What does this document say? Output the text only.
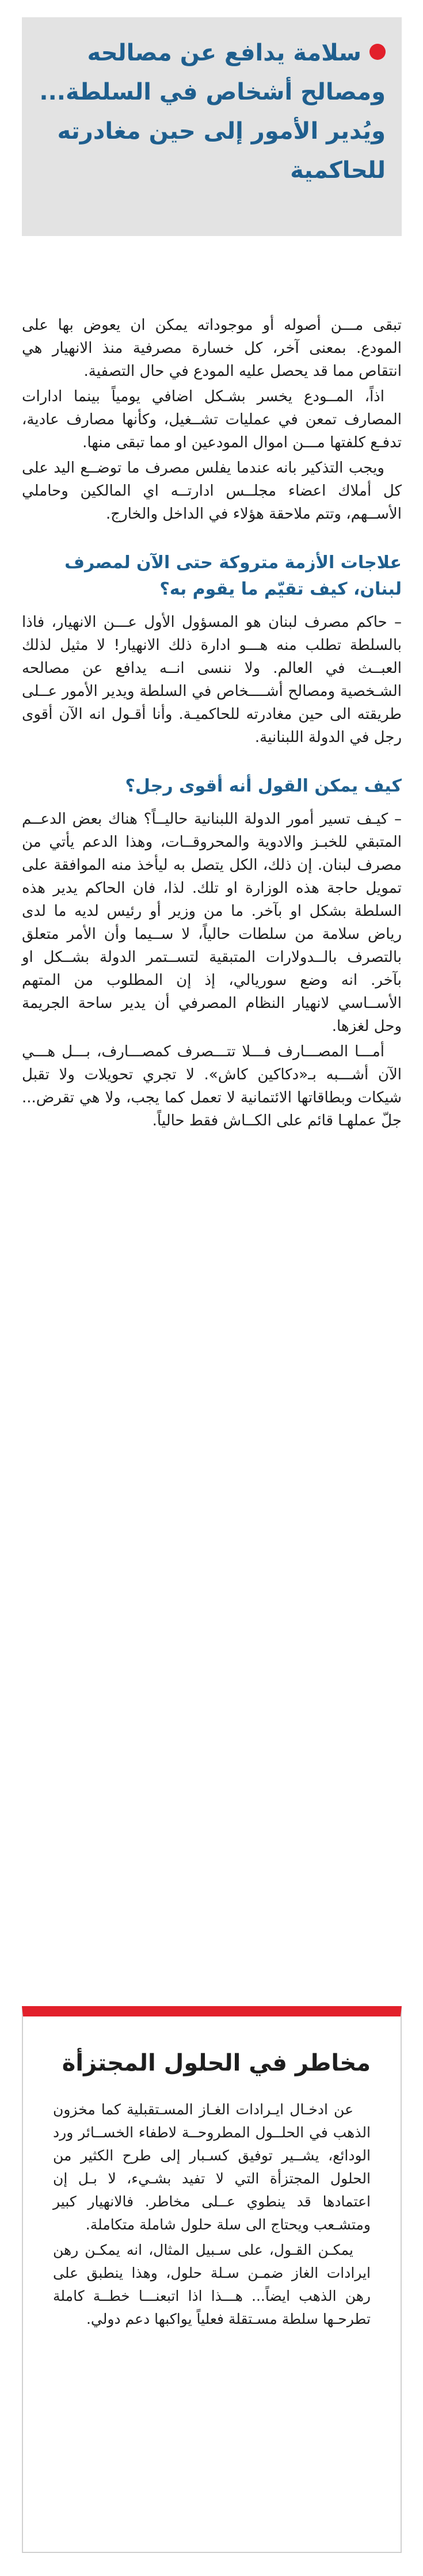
سلامة يدافع عن مصالحه ومصالح أشخاص في السلطة... ويُدير الأمور إلى حين مغادرته للحاكمية

تبقى مـــن أصوله أو موجوداته يمكن ان يعوض بها على المودع. بمعنى آخر، كل خسارة مصرفية منذ الانهيار هي انتقاص مما قد يحصل عليه المودع في حال التصفية.

اذاً، المــودع يخسر بشـكل اضافي يومياً بينما ادارات المصارف تمعن في عمليات تشــغيل، وكأنها مصارف عادية، تدفـع كلفتها مـــن اموال المودعين او مما تبقى منها.

ويجب التذكير بانه عندما يفلس مصرف ما توضــع اليد على كل أملاك اعضاء مجلــس ادارتــه اي المالكين وحاملي الأســهم، وتتم ملاحقة هؤلاء في الداخل والخارج.

علاجات الأزمة متروكة حتى الآن لمصرف لبنان، كيف تقيّم ما يقوم به؟

– حاكم مصرف لبنان هو المسؤول الأول عـــن الانهيار، فاذا بالسلطة تطلب منه هـــو ادارة ذلك الانهيار! لا مثيل لذلك العبــث في العالم. ولا ننسى انــه يدافع عن مصالحه الشـخصية ومصالح أشــــخاص في السلطة ويدير الأمور عــلى طريقته الى حين مغادرته للحاكميـة. وأنا أقـول انه الآن أقوى رجل في الدولة اللبنانية.

كيف يمكن القول أنه أقوى رجل؟

– كيـف تسير أمور الدولة اللبنانية حاليــاً؟ هناك بعض الدعــم المتبقي للخبـز والادوية والمحروقــات، وهذا الدعم يأتي من مصرف لبنان. إن ذلك، الكل يتصل به ليأخذ منه الموافقة على تمويل حاجة هذه الوزارة او تلك. لذا، فان الحاكم يدير هذه السلطة بشكل او بآخر. ما من وزير أو رئيس لديه ما لدى رياض سلامة من سلطات حالياً، لا ســيما وأن الأمر متعلق بالتصرف بالــدولارات المتبقية لتســتمر الدولة بشــكل او بآخر. انه وضع سوريالي، إذ إن المطلوب من المتهم الأســاسي لانهيار النظام المصرفي أن يدير ساحة الجريمة وحل لغزها.

أمـــا المصـــارف فـــلا تتـــصرف كمصـــارف، بـــل هـــي الآن أشـــبه بـ«دكاكين كاش». لا تجري تحويلات ولا تقبل شيكات وبطاقاتها الائتمانية لا تعمل كما يجب، ولا هي تقرض... جلّ عملهـا قائم على الكــاش فقط حالياً.

مخاطر في الحلول المجتزأة

عن ادخـال ايـرادات الغـاز المسـتقبلية كما مخزون الذهب في الحلــول المطروحــة لاطفاء الخســائر ورد الودائع، يشــير توفيق كسـبار إلى طرح الكثير من الحلول المجتزأة التي لا تفيد بشـيء، لا بـل إن اعتمادها قد ينطوي عــلى مخاطر. فالانهيار كبير ومتشـعب ويحتاج الى سلة حلول شاملة متكاملة.

يمكـن القـول، على سـبيل المثال، انه يمكـن رهن ايرادات الغاز ضمـن سـلة حلول، وهذا ينطبق على رهن الذهب ايضاً... هـــذا اذا اتبعنـــا خطــة كاملة تطرحـها سلطة مسـتقلة فعلياً يواكبها دعم دولي.
